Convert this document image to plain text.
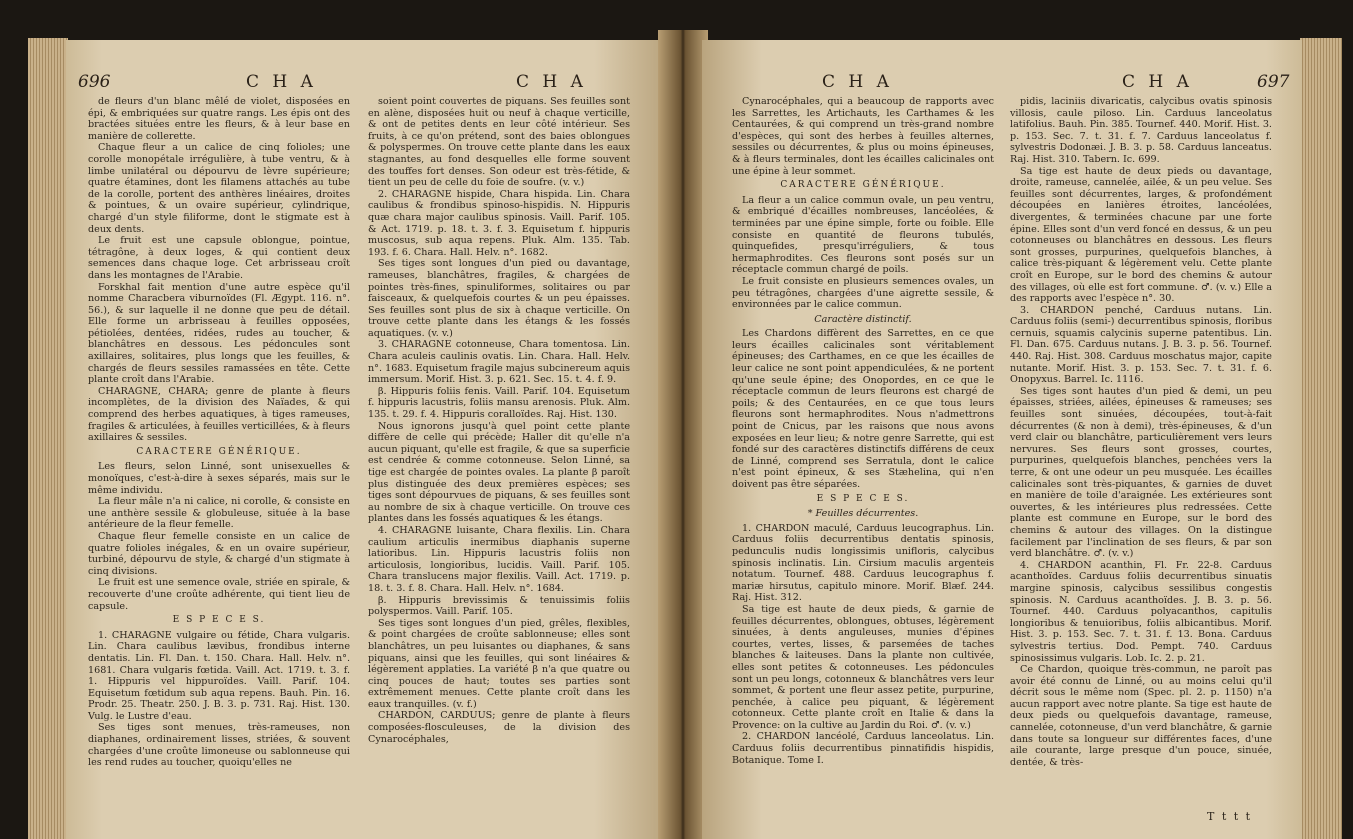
696	C H A	C H A

de fleurs d'un blanc mêlé de violet, disposées en épi, & embriquées sur quatre rangs. Les épis ont des bractées situées entre les fleurs, & à leur base en manière de collerette.

Chaque fleur a un calice de cinq folioles; une corolle monopétale irrégulière, à tube ventru, & à limbe unilatéral ou dépourvu de lèvre supérieure; quatre étamines, dont les filamens attachés au tube de la corolle, portent des anthères linéaires, droites & pointues, & un ovaire supérieur, cylindrique, chargé d'un style filiforme, dont le stigmate est à deux dents.

Le fruit est une capsule oblongue, pointue, tétragône, à deux loges, & qui contient deux semences dans chaque loge. Cet arbrisseau croît dans les montagnes de l'Arabie.

Forskhal fait mention d'une autre espèce qu'il nomme Characbera viburnoïdes (Fl. Ægypt. 116. n°. 56.), & sur laquelle il ne donne que peu de détail. Elle forme un arbrisseau à feuilles opposées, pétiolées, dentées, ridées, rudes au toucher, & blanchâtres en dessous. Les pédoncules sont axillaires, solitaires, plus longs que les feuilles, & chargés de fleurs sessiles ramassées en tête. Cette plante croît dans l'Arabie.

CHARAGNE, CHARA; genre de plante à fleurs incomplètes, de la division des Naïades, & qui comprend des herbes aquatiques, à tiges rameuses, fragiles & articulées, à feuilles verticillées, & à fleurs axillaires & sessiles.

CARACTERE GÉNÉRIQUE.

Les fleurs, selon Linné, sont unisexuelles & monoïques, c'est-à-dire à sexes séparés, mais sur le même individu.

La fleur mâle n'a ni calice, ni corolle, & consiste en une anthère sessile & globuleuse, située à la base antérieure de la fleur femelle.

Chaque fleur femelle consiste en un calice de quatre folioles inégales, & en un ovaire supérieur, turbiné, dépourvu de style, & chargé d'un stigmate à cinq divisions.

Le fruit est une semence ovale, striée en spirale, & recouverte d'une croûte adhérente, qui tient lieu de capsule.

E S P E C E S.

1. CHARAGNE vulgaire ou fétide, Chara vulgaris. Lin. Chara caulibus lævibus, frondibus interne dentatis. Lin. Fl. Dan. t. 150. Chara. Hall. Helv. n°. 1681. Chara vulgaris fœtida. Vaill. Act. 1719. t. 3. f. 1. Hippuris vel hippuroïdes. Vaill. Parif. 104. Equisetum fœtidum sub aqua repens. Bauh. Pin. 16. Prodr. 25. Theatr. 250. J. B. 3. p. 731. Raj. Hist. 130. Vulg. le Lustre d'eau.

Ses tiges sont menues, très-rameuses, non diaphanes, ordinairement lisses, striées, & souvent chargées d'une croûte limoneuse ou sablonneuse qui les rend rudes au toucher, quoiqu'elles ne

soient point couvertes de piquans. Ses feuilles sont en alène, disposées huit ou neuf à chaque verticille, & ont de petites dents en leur côté intérieur. Ses fruits, à ce qu'on prétend, sont des baies oblongues & polyspermes. On trouve cette plante dans les eaux stagnantes, au fond desquelles elle forme souvent des touffes fort denses. Son odeur est très-fétide, & tient un peu de celle du foie de soufre. (v. v.)

2. CHARAGNE hispide, Chara hispida. Lin. Chara caulibus & frondibus spinoso-hispidis. N. Hippuris quæ chara major caulibus spinosis. Vaill. Parif. 105. & Act. 1719. p. 18. t. 3. f. 3. Equisetum f. hippuris muscosus, sub aqua repens. Pluk. Alm. 135. Tab. 193. f. 6. Chara. Hall. Helv. n°. 1682.

Ses tiges sont longues d'un pied ou davantage, rameuses, blanchâtres, fragiles, & chargées de pointes très-fines, spinuliformes, solitaires ou par faisceaux, & quelquefois courtes & un peu épaisses. Ses feuilles sont plus de six à chaque verticille. On trouve cette plante dans les étangs & les fossés aquatiques. (v. v.)

3. CHARAGNE cotonneuse, Chara tomentosa. Lin. Chara aculeis caulinis ovatis. Lin. Chara. Hall. Helv. n°. 1683. Equisetum fragile majus subcinereum aquis immersum. Morif. Hist. 3. p. 621. Sec. 15. t. 4. f. 9.

β. Hippuris foliis fenis. Vaill. Parif. 104. Equisetum f. hippuris lacustris, foliis mansu arenosis. Pluk. Alm. 135. t. 29. f. 4. Hippuris coralloïdes. Raj. Hist. 130.

Nous ignorons jusqu'à quel point cette plante diffère de celle qui précède; Haller dit qu'elle n'a aucun piquant, qu'elle est fragile, & que sa superficie est cendrée & comme cotonneuse. Selon Linné, sa tige est chargée de pointes ovales. La plante β paroît plus distinguée des deux premières espèces; ses tiges sont dépourvues de piquans, & ses feuilles sont au nombre de six à chaque verticille. On trouve ces plantes dans les fossés aquatiques & les étangs.

4. CHARAGNE luisante, Chara flexilis. Lin. Chara caulium articulis inermibus diaphanis superne latioribus. Lin. Hippuris lacustris foliis non articulosis, longioribus, lucidis. Vaill. Parif. 105. Chara translucens major flexilis. Vaill. Act. 1719. p. 18. t. 3. f. 8. Chara. Hall. Helv. n°. 1684.

β. Hippuris brevissimis & tenuissimis foliis polyspermos. Vaill. Parif. 105.

Ses tiges sont longues d'un pied, grêles, flexibles, & point chargées de croûte sablonneuse; elles sont blanchâtres, un peu luisantes ou diaphanes, & sans piquans, ainsi que les feuilles, qui sont linéaires & légèrement applaties. La variété β n'a que quatre ou cinq pouces de haut; toutes ses parties sont extrêmement menues. Cette plante croît dans les eaux tranquilles. (v. f.)

CHARDON, CARDUUS; genre de plante à fleurs composées-flosculeuses, de la division des Cynarocéphales,

C H A	C H A	697

Cynarocéphales, qui a beaucoup de rapports avec les Sarrettes, les Artichauts, les Carthames & les Centaurées, & qui comprend un très-grand nombre d'espèces, qui sont des herbes à feuilles alternes, sessiles ou décurrentes, & plus ou moins épineuses, & à fleurs terminales, dont les écailles calicinales ont une épine à leur sommet.

CARACTERE GÉNÉRIQUE.

La fleur a un calice commun ovale, un peu ventru, & embriqué d'écailles nombreuses, lancéolées, & terminées par une épine simple, forte ou foible. Elle consiste en quantité de fleurons tubulés, quinquefides, presqu'irréguliers, & tous hermaphrodites. Ces fleurons sont posés sur un réceptacle commun chargé de poils.

Le fruit consiste en plusieurs semences ovales, un peu tétragônes, chargées d'une aigrette sessile, & environnées par le calice commun.

Caractère distinctif.

Les Chardons diffèrent des Sarrettes, en ce que leurs écailles calicinales sont véritablement épineuses; des Carthames, en ce que les écailles de leur calice ne sont point appendiculées, & ne portent qu'une seule épine; des Onopordes, en ce que le réceptacle commun de leurs fleurons est chargé de poils; & des Centaurées, en ce que tous leurs fleurons sont hermaphrodites. Nous n'admettrons point de Cnicus, par les raisons que nous avons exposées en leur lieu; & notre genre Sarrette, qui est fondé sur des caractères distinctifs différens de ceux de Linné, comprend ses Serratula, dont le calice n'est point épineux, & ses Stæhelina, qui n'en doivent pas être séparées.

E S P E C E S.

* Feuilles décurrentes.

1. CHARDON maculé, Carduus leucographus. Lin. Carduus foliis decurrentibus dentatis spinosis, pedunculis nudis longissimis unifloris, calycibus spinosis inclinatis. Lin. Cirsium maculis argenteis notatum. Tournef. 488. Carduus leucographus f. mariæ hirsutus, capitulo minore. Morif. Blæf. 244. Raj. Hist. 312.

Sa tige est haute de deux pieds, & garnie de feuilles décurrentes, oblongues, obtuses, légèrement sinuées, à dents anguleuses, munies d'épines courtes, vertes, lisses, & parsemées de taches blanches & laiteuses. Dans la plante non cultivée, elles sont petites & cotonneuses. Les pédoncules sont un peu longs, cotonneux & blanchâtres vers leur sommet, & portent une fleur assez petite, purpurine, penchée, à calice peu piquant, & légèrement cotonneux. Cette plante croît en Italie & dans la Provence: on la cultive au Jardin du Roi. ♂. (v. v.)

2. CHARDON lancéolé, Carduus lanceolatus. Lin. Carduus foliis decurrentibus pinnatifidis hispidis, Botanique. Tome I.

pidis, laciniis divaricatis, calycibus ovatis spinosis villosis, caule piloso. Lin. Carduus lanceolatus latifolius. Bauh. Pin. 385. Tournef. 440. Morif. Hist. 3. p. 153. Sec. 7. t. 31. f. 7. Carduus lanceolatus f. sylvestris Dodonæi. J. B. 3. p. 58. Carduus lanceatus. Raj. Hist. 310. Tabern. Ic. 699.

Sa tige est haute de deux pieds ou davantage, droite, rameuse, cannelée, ailée, & un peu velue. Ses feuilles sont décurrentes, larges, & profondément découpées en lanières étroites, lancéolées, divergentes, & terminées chacune par une forte épine. Elles sont d'un verd foncé en dessus, & un peu cotonneuses ou blanchâtres en dessous. Les fleurs sont grosses, purpurines, quelquefois blanches, à calice très-piquant & légèrement velu. Cette plante croît en Europe, sur le bord des chemins & autour des villages, où elle est fort commune. ♂. (v. v.) Elle a des rapports avec l'espèce n°. 30.

3. CHARDON penché, Carduus nutans. Lin. Carduus foliis (semi-) decurrentibus spinosis, floribus cernuis, squamis calycinis superne patentibus. Lin. Fl. Dan. 675. Carduus nutans. J. B. 3. p. 56. Tournef. 440. Raj. Hist. 308. Carduus moschatus major, capite nutante. Morif. Hist. 3. p. 153. Sec. 7. t. 31. f. 6. Onopyxus. Barrel. Ic. 1116.

Ses tiges sont hautes d'un pied & demi, un peu épaisses, striées, ailées, épineuses & rameuses; ses feuilles sont sinuées, découpées, tout-à-fait décurrentes (& non à demi), très-épineuses, & d'un verd clair ou blanchâtre, particulièrement vers leurs nervures. Ses fleurs sont grosses, courtes, purpurines, quelquefois blanches, penchées vers la terre, & ont une odeur un peu musquée. Les écailles calicinales sont très-piquantes, & garnies de duvet en manière de toile d'araignée. Les extérieures sont ouvertes, & les intérieures plus redressées. Cette plante est commune en Europe, sur le bord des chemins & autour des villages. On la distingue facilement par l'inclination de ses fleurs, & par son verd blanchâtre. ♂. (v. v.)

4. CHARDON acanthin, Fl. Fr. 22-8. Carduus acanthoïdes. Carduus foliis decurrentibus sinuatis margine spinosis, calycibus sessilibus congestis spinosis. N. Carduus acanthoïdes. J. B. 3. p. 56. Tournef. 440. Carduus polyacanthos, capitulis longioribus & tenuioribus, foliis albicantibus. Morif. Hist. 3. p. 153. Sec. 7. t. 31. f. 13. Bona. Carduus sylvestris tertius. Dod. Pempt. 740. Carduus spinosissimus vulgaris. Lob. Ic. 2. p. 21.

Ce Chardon, quoique très-commun, ne paroît pas avoir été connu de Linné, ou au moins celui qu'il décrit sous le même nom (Spec. pl. 2. p. 1150) n'a aucun rapport avec notre plante. Sa tige est haute de deux pieds ou quelquefois davantage, rameuse, cannelée, cotonneuse, d'un verd blanchâtre, & garnie dans toute sa longueur sur différentes faces, d'une aile courante, large presque d'un pouce, sinuée, dentée, & très-

T t t t
